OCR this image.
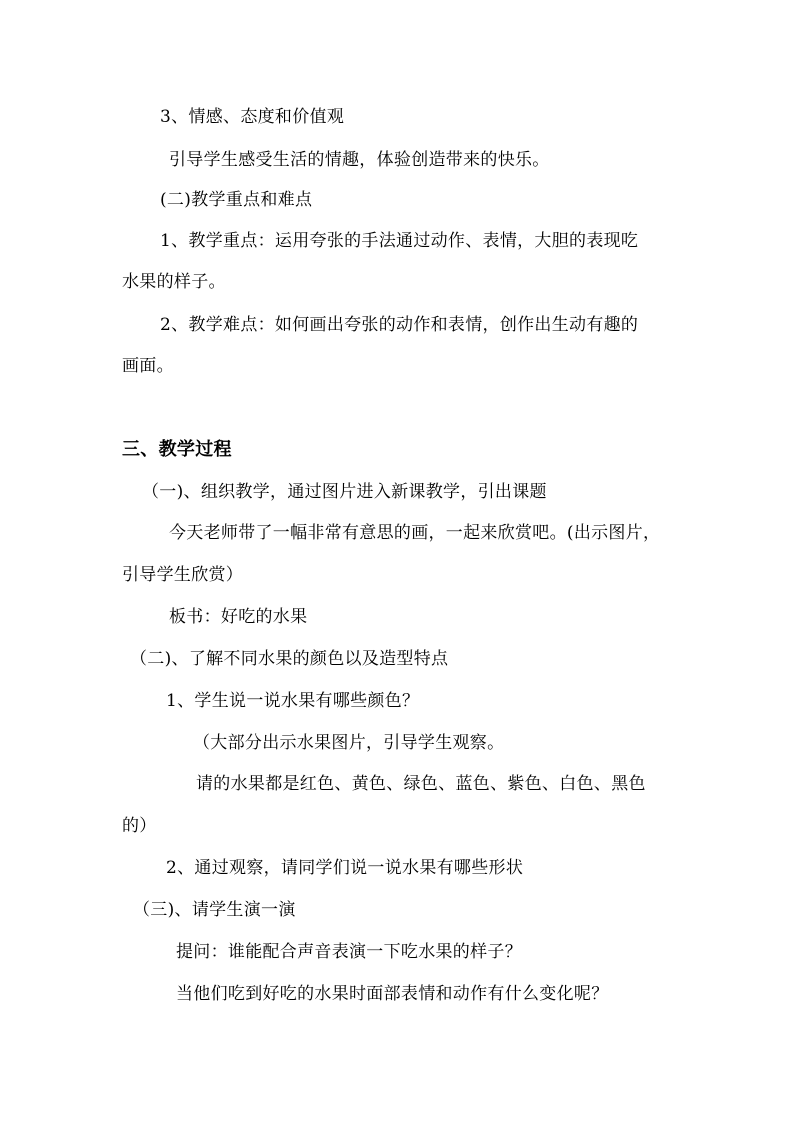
3、情感、态度和价值观
引导学生感受生活的情趣，体验创造带来的快乐。
(二)教学重点和难点
1、教学重点：运用夸张的手法通过动作、表情，大胆的表现吃
水果的样子。
2、教学难点：如何画出夸张的动作和表情，创作出生动有趣的
画面。
三、教学过程
（一)、组织教学，通过图片进入新课教学，引出课题
今天老师带了一幅非常有意思的画，一起来欣赏吧。(出示图片，
引导学生欣赏）
板书：好吃的水果
（二)、了解不同水果的颜色以及造型特点
1、学生说一说水果有哪些颜色？
（大部分出示水果图片，引导学生观察。
请的水果都是红色、黄色、绿色、蓝色、紫色、白色、黑色
的）
2、通过观察，请同学们说一说水果有哪些形状
（三)、请学生演一演
提问：谁能配合声音表演一下吃水果的样子？
当他们吃到好吃的水果时面部表情和动作有什么变化呢？
